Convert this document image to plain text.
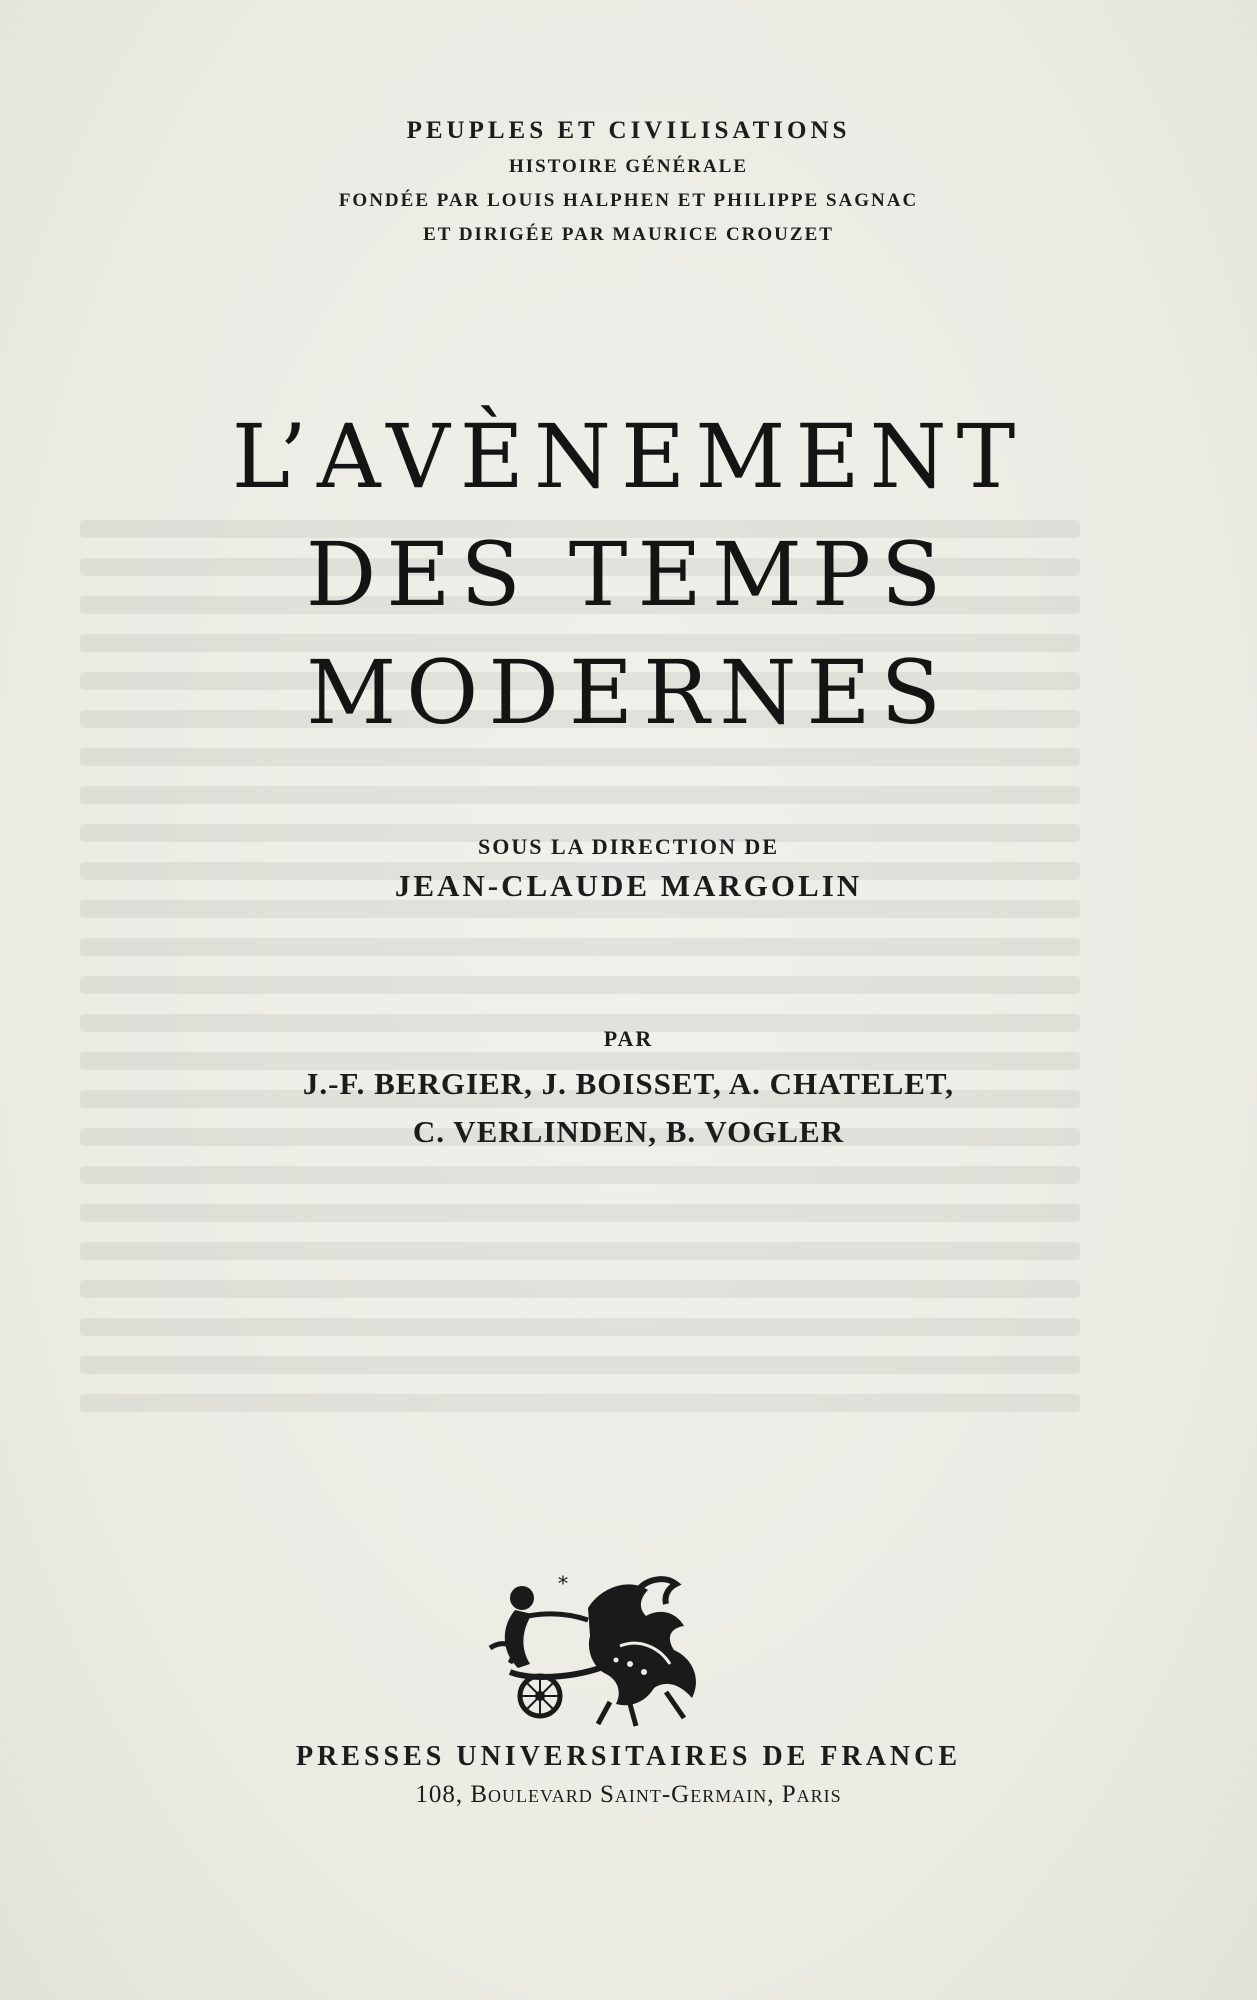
PEUPLES ET CIVILISATIONS
HISTOIRE GÉNÉRALE
FONDÉE PAR LOUIS HALPHEN ET PHILIPPE SAGNAC
ET DIRIGÉE PAR MAURICE CROUZET
L’AVÈNEMENT
DES TEMPS
MODERNES
SOUS LA DIRECTION DE
JEAN-CLAUDE MARGOLIN
PAR
J.-F. BERGIER, J. BOISSET, A. CHATELET,
C. VERLINDEN, B. VOGLER
*
PRESSES UNIVERSITAIRES DE FRANCE
108, Boulevard Saint-Germain, Paris
